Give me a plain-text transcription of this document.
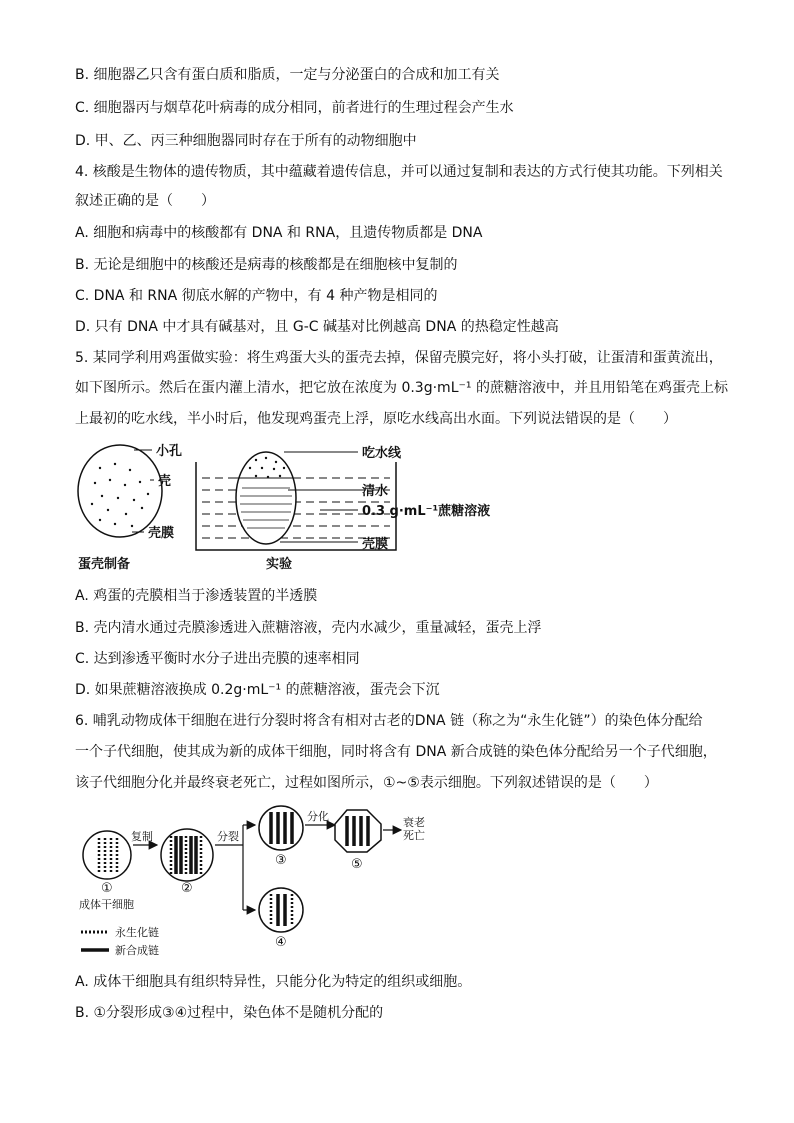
B. 细胞器乙只含有蛋白质和脂质，一定与分泌蛋白的合成和加工有关
C. 细胞器丙与烟草花叶病毒的成分相同，前者进行的生理过程会产生水
D. 甲、乙、丙三种细胞器同时存在于所有的动物细胞中
4. 核酸是生物体的遗传物质，其中蕴藏着遗传信息，并可以通过复制和表达的方式行使其功能。下列相关
叙述正确的是（　　）
A. 细胞和病毒中的核酸都有 DNA 和 RNA，且遗传物质都是 DNA
B. 无论是细胞中的核酸还是病毒的核酸都是在细胞核中复制的
C. DNA 和 RNA 彻底水解的产物中，有 4 种产物是相同的
D. 只有 DNA 中才具有碱基对，且 G-C 碱基对比例越高 DNA 的热稳定性越高
5. 某同学利用鸡蛋做实验：将生鸡蛋大头的蛋壳去掉，保留壳膜完好，将小头打破，让蛋清和蛋黄流出，
如下图所示。然后在蛋内灌上清水，把它放在浓度为 0.3g·mL⁻¹ 的蔗糖溶液中，并且用铅笔在鸡蛋壳上标
上最初的吃水线，半小时后，他发现鸡蛋壳上浮，原吃水线高出水面。下列说法错误的是（　　）
小孔
壳
壳膜
蛋壳制备
吃水线
清水
0.3 g·mL⁻¹蔗糖溶液
壳膜
实验
A. 鸡蛋的壳膜相当于渗透装置的半透膜
B. 壳内清水通过壳膜渗透进入蔗糖溶液，壳内水减少，重量减轻，蛋壳上浮
C. 达到渗透平衡时水分子进出壳膜的速率相同
D. 如果蔗糖溶液换成 0.2g·mL⁻¹ 的蔗糖溶液，蛋壳会下沉
6. 哺乳动物成体干细胞在进行分裂时将含有相对古老的DNA 链（称之为“永生化链”）的染色体分配给
一个子代细胞，使其成为新的成体干细胞，同时将含有 DNA 新合成链的染色体分配给另一个子代细胞，
该子代细胞分化并最终衰老死亡，过程如图所示，①~⑤表示细胞。下列叙述错误的是（　　）
①
成体干细胞
复制
②
分裂
③
分化
⑤
衰老
死亡
④
永生化链
新合成链
A. 成体干细胞具有组织特异性，只能分化为特定的组织或细胞。
B. ①分裂形成③④过程中，染色体不是随机分配的
